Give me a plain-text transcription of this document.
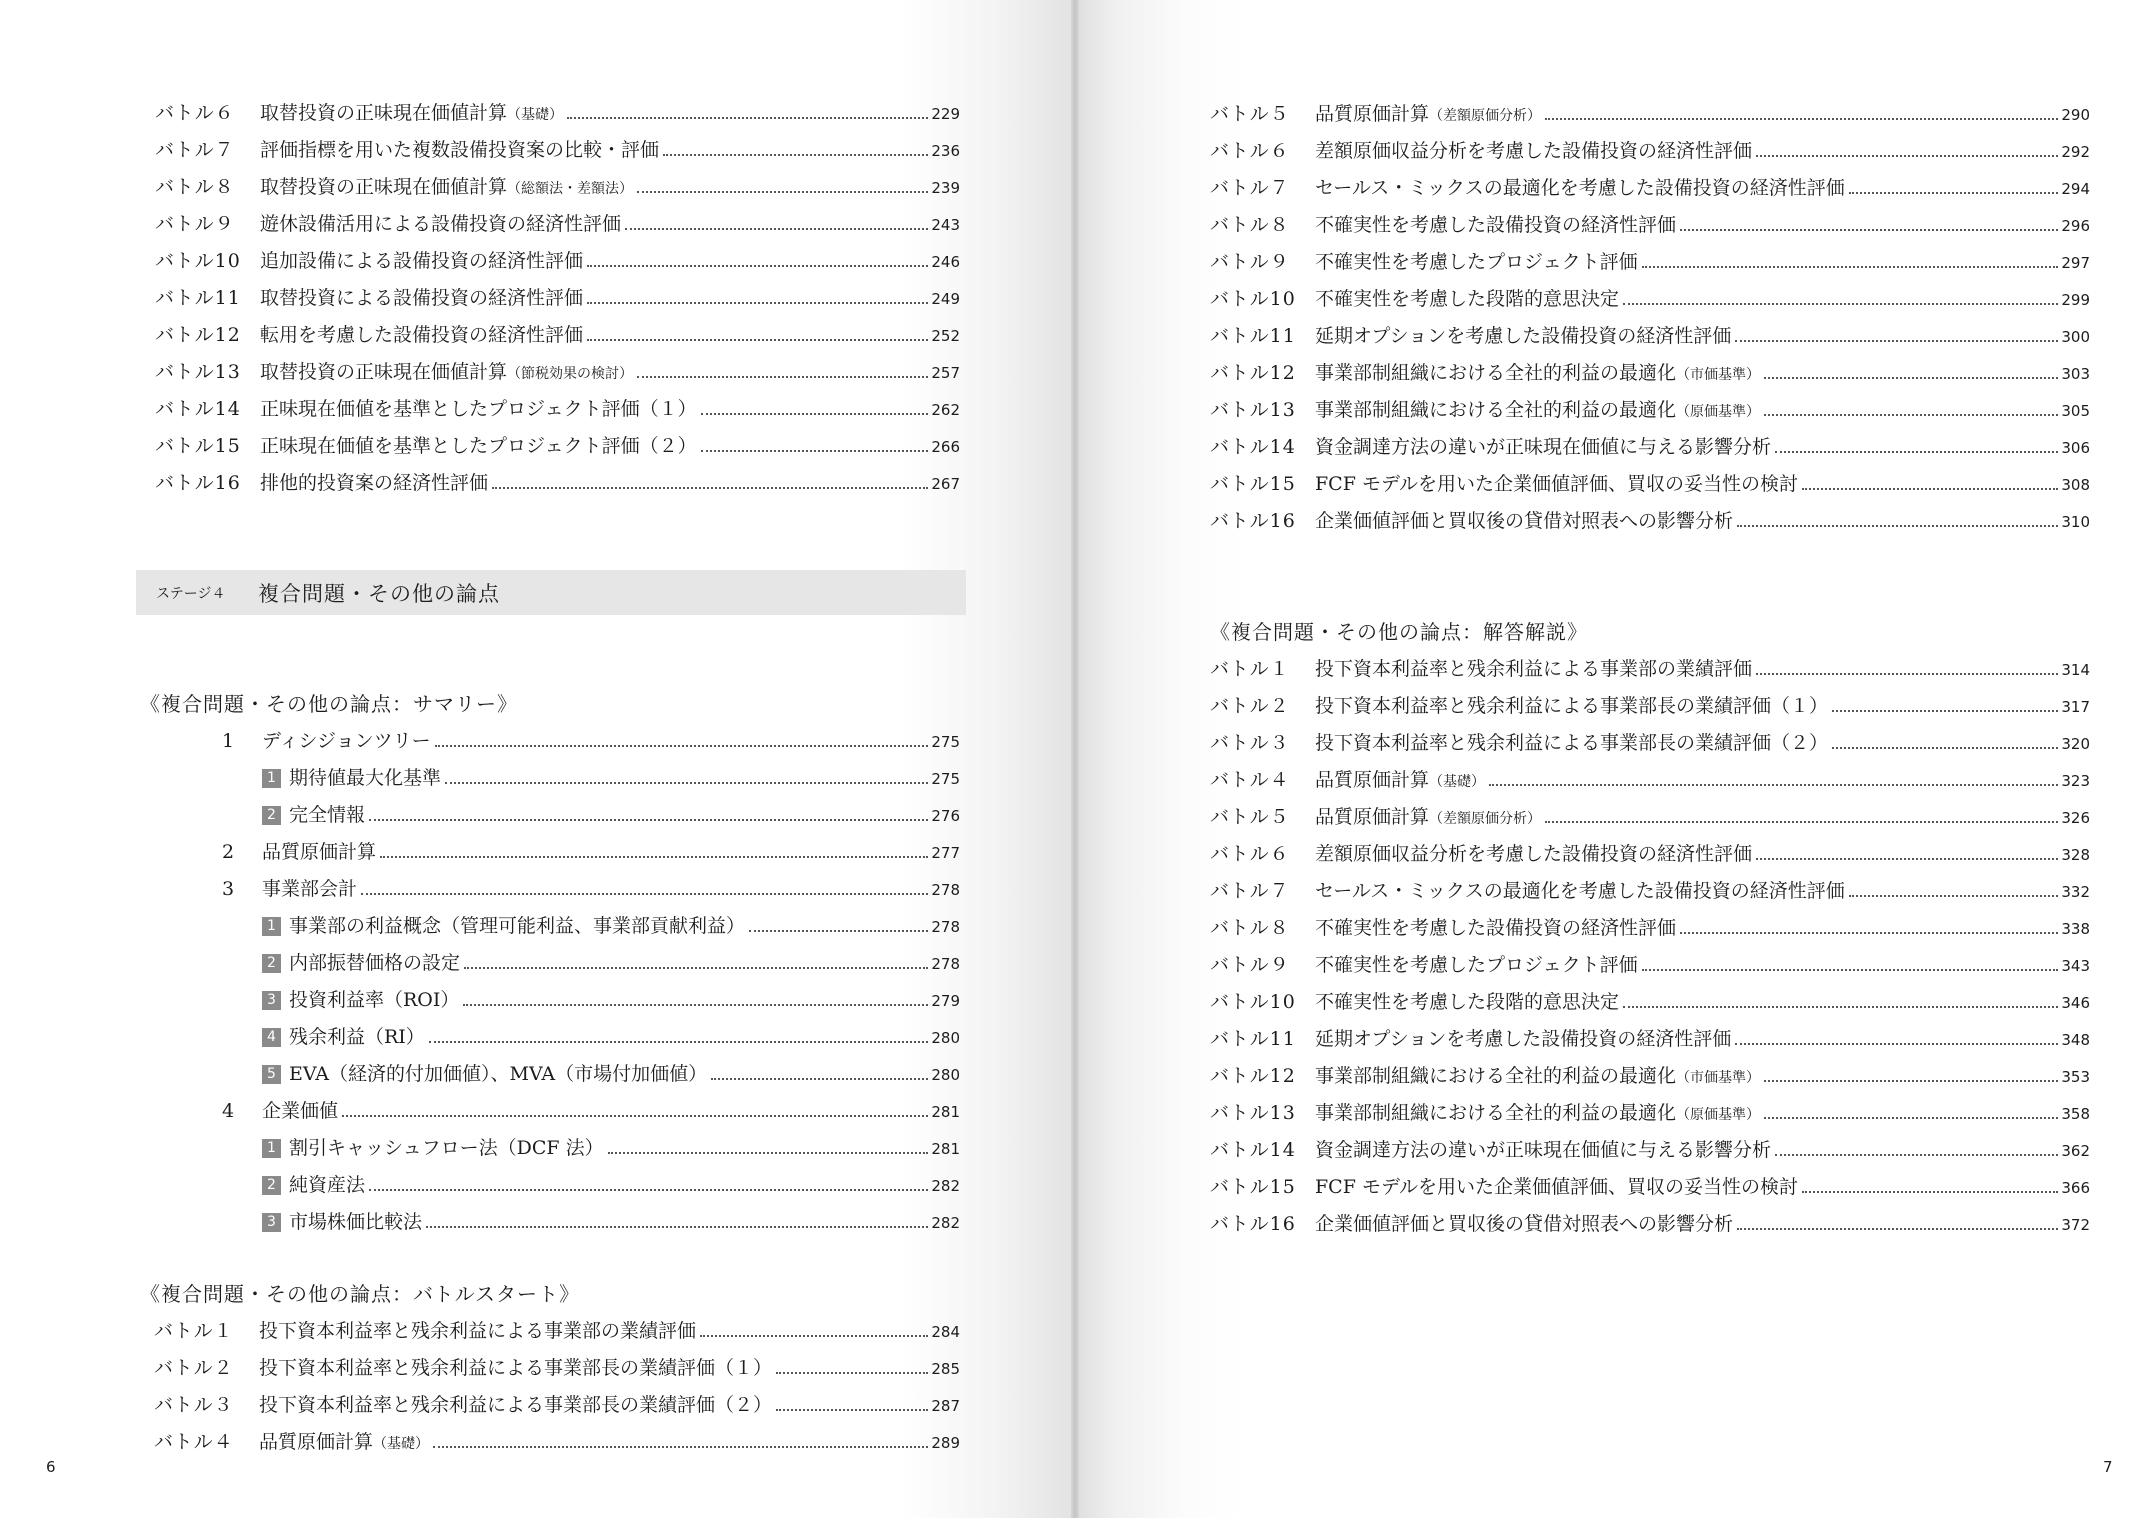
バトル６	取替投資の正味現在価値計算（基礎）	229
バトル７	評価指標を用いた複数設備投資案の比較・評価	236
バトル８	取替投資の正味現在価値計算（総額法・差額法）	239
バトル９	遊休設備活用による設備投資の経済性評価	243
バトル10	追加設備による設備投資の経済性評価	246
バトル11	取替投資による設備投資の経済性評価	249
バトル12	転用を考慮した設備投資の経済性評価	252
バトル13	取替投資の正味現在価値計算（節税効果の検討）	257
バトル14	正味現在価値を基準としたプロジェクト評価（１）	262
バトル15	正味現在価値を基準としたプロジェクト評価（２）	266
バトル16	排他的投資案の経済性評価	267
ステージ４	複合問題・その他の論点
《複合問題・その他の論点：サマリー》
1	ディシジョンツリー	275
1 期待値最大化基準	275
2 完全情報	276
2	品質原価計算	277
3	事業部会計	278
1 事業部の利益概念（管理可能利益、事業部貢献利益）	278
2 内部振替価格の設定	278
3 投資利益率（ROI）	279
4 残余利益（RI）	280
5 EVA（経済的付加価値）、MVA（市場付加価値）	280
4	企業価値	281
1 割引キャッシュフロー法（DCF 法）	281
2 純資産法	282
3 市場株価比較法	282
《複合問題・その他の論点：バトルスタート》
バトル１	投下資本利益率と残余利益による事業部の業績評価	284
バトル２	投下資本利益率と残余利益による事業部長の業績評価（１）	285
バトル３	投下資本利益率と残余利益による事業部長の業績評価（２）	287
バトル４	品質原価計算（基礎）	289
6
バトル５	品質原価計算（差額原価分析）	290
バトル６	差額原価収益分析を考慮した設備投資の経済性評価	292
バトル７	セールス・ミックスの最適化を考慮した設備投資の経済性評価	294
バトル８	不確実性を考慮した設備投資の経済性評価	296
バトル９	不確実性を考慮したプロジェクト評価	297
バトル10	不確実性を考慮した段階的意思決定	299
バトル11	延期オプションを考慮した設備投資の経済性評価	300
バトル12	事業部制組織における全社的利益の最適化（市価基準）	303
バトル13	事業部制組織における全社的利益の最適化（原価基準）	305
バトル14	資金調達方法の違いが正味現在価値に与える影響分析	306
バトル15	FCF モデルを用いた企業価値評価、買収の妥当性の検討	308
バトル16	企業価値評価と買収後の貸借対照表への影響分析	310
《複合問題・その他の論点：解答解説》
バトル１	投下資本利益率と残余利益による事業部の業績評価	314
バトル２	投下資本利益率と残余利益による事業部長の業績評価（１）	317
バトル３	投下資本利益率と残余利益による事業部長の業績評価（２）	320
バトル４	品質原価計算（基礎）	323
バトル５	品質原価計算（差額原価分析）	326
バトル６	差額原価収益分析を考慮した設備投資の経済性評価	328
バトル７	セールス・ミックスの最適化を考慮した設備投資の経済性評価	332
バトル８	不確実性を考慮した設備投資の経済性評価	338
バトル９	不確実性を考慮したプロジェクト評価	343
バトル10	不確実性を考慮した段階的意思決定	346
バトル11	延期オプションを考慮した設備投資の経済性評価	348
バトル12	事業部制組織における全社的利益の最適化（市価基準）	353
バトル13	事業部制組織における全社的利益の最適化（原価基準）	358
バトル14	資金調達方法の違いが正味現在価値に与える影響分析	362
バトル15	FCF モデルを用いた企業価値評価、買収の妥当性の検討	366
バトル16	企業価値評価と買収後の貸借対照表への影響分析	372
7
